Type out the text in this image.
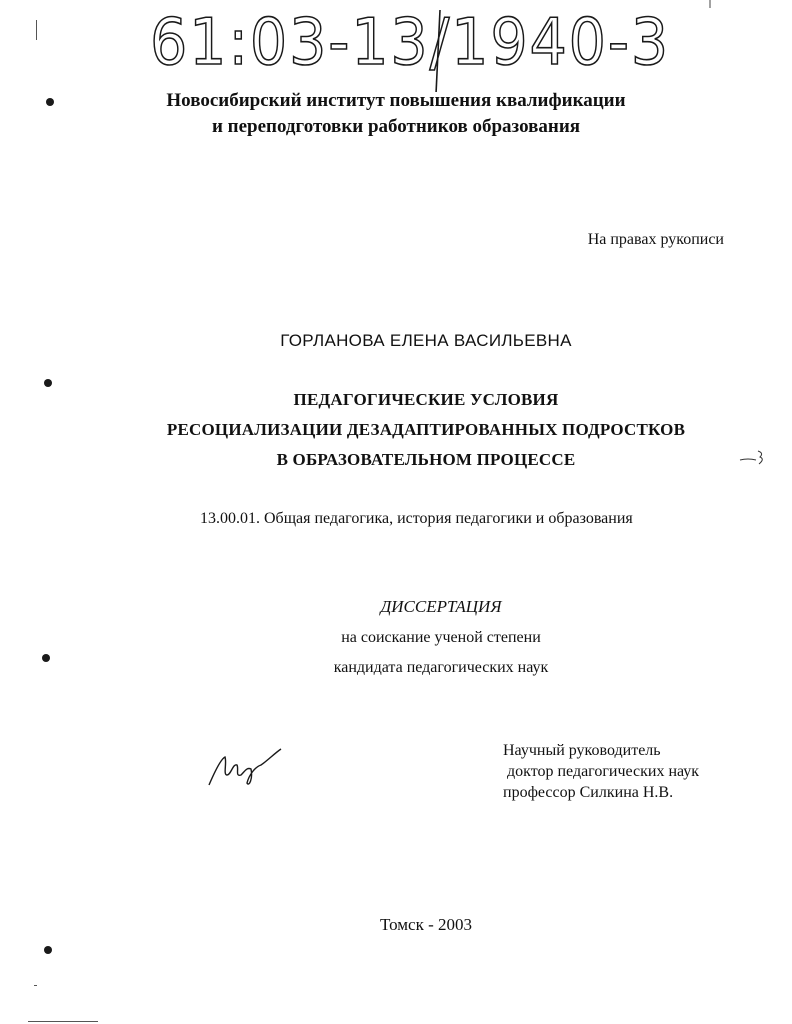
61:03-13/1940-3
Новосибирский институт повышения квалификации
и переподготовки работников образования
На правах рукописи
ГОРЛАНОВА ЕЛЕНА ВАСИЛЬЕВНА
ПЕДАГОГИЧЕСКИЕ УСЛОВИЯ
РЕСОЦИАЛИЗАЦИИ ДЕЗАДАПТИРОВАННЫХ ПОДРОСТКОВ
В ОБРАЗОВАТЕЛЬНОМ ПРОЦЕССЕ
13.00.01. Общая педагогика, история педагогики и образования
ДИССЕРТАЦИЯ
на соискание ученой степени
кандидата педагогических наук
Научный руководитель
доктор педагогических наук
профессор Силкина Н.В.
Томск - 2003
